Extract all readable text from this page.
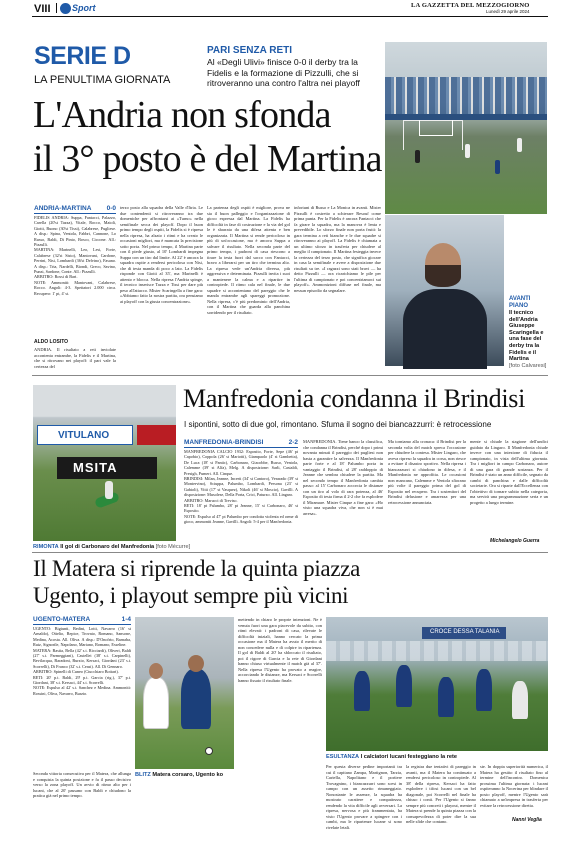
VIII Sport	LA GAZZETTA DEL MEZZOGIORNO
Lunedì 29 aprile 2024
SERIE D
LA PENULTIMA GIORNATA
PARI SENZA RETI
Al «Degli Ulivi» finisce 0-0 il derby tra la Fidelis e la formazione di Pizzulli, che si ritroveranno una contro l'altra nei playoff
L'Andria non sfonda
il 3° posto è del Martina
AVANTI PIANO
Il tecnico dell'Andria Giuseppe Scaringella e una fase del derby tra la Fidelis e il Martina
[foto Calvaresi]
ANDRIA-MARTINA 0-0
FIDELIS ANDRIA: Suppa, Fantacci, Palazzo, Carella (20'st Tazza), Vitale, Rocco, Maioli, Giotti, Buono (30'st Tissi), Calabrese, Pugliese. A disp.: Spina, Ventola, Fabbri, Cannone, Lo Russo, Baldi, Di Pinto, Bosco, Ciccone. All.: Pizzulli.
MARTINA: Marinelli, Leo, Lesi, Forte, Calabrese (32'st Sisto), Mantovani, Cardone, Perrini, Nisi, Lombardi (36'st Delvino), Fasano. A disp.: Tria, Nardelli, Biondi, Greco, Savino, Punzi, Sardone, Conte. All.: Pizzulli.
ARBITRO: Rossi di Bari.
NOTE: Ammoniti: Mantovani, Calabrese, Rocco. Angoli: 4-3. Spettatori 2.000 circa. Recupero: 1' pt, 4' st.
ALDO LOSITO
ANDRIA. Il risultato a reti inviolate accontenta entrambe, la Fidelis e il Martina, che si ritrovano nei playoff: il pari vale la certezza del
terzo posto alla squadra della Valle d'Itria. Le due contendenti si ritroveranno tra due domeniche per affrontarsi ai «Turno» nella semifinale secca dei playoff. Dopo il buon primo tempo degli ospiti, la Fidelis si è ripresa nella ripresa, ha alzato i ritmi e ha creato le occasioni migliori, ma è mancata la precisione sotto porta. Nel primo tempo, il Martina parte con il piede giusto, al 10' Lombardi impegna Suppa con un tiro dal limite. Al 22' è ancora la squadra ospite a rendersi pericolosa con Nisi, che di testa manda di poco a lato. La Fidelis risponde con Giotti al 35', ma Marinelli è attento e blocca. Nella ripresa l'Andria spinge, il tecnico inserisce Tazza e Tissi per dare più peso all'attacco. Mister Scaringella a fine gara: «Abbiamo fatto la nostra partita, ora pensiamo ai playoff con la giusta concentrazione».
La partenza degli ospiti è migliore, prova ne sia il buon palleggio e l'organizzazione di gioco espressa dal Martina. La Fidelis ha difficoltà in fase di costruzione e la via del gol le è sbarrata da una difesa attenta e ben organizzata. Il Martina si rende pericoloso in più di un'occasione, ma è ancora Suppa a salvare il risultato. Nella seconda parte del primo tempo, i padroni di casa riescono a tirare la testa fuori dal sacco con Fantacci, bravo a liberarsi per un tiro che termina alto. La ripresa vede un'Andria diversa, più aggressiva e determinata. Pizzulli invita i suoi a mantenere la calma e a ripartire in contropiede. Il ritmo cala nel finale, le due squadre si accontentano del pareggio che le manda entrambe agli spareggi promozione. Nella ripresa, c'è più predominio dell'Andria, con il Martina che guarda alla panchina sorridendo per il risultato.
infortuni di Russo e La Monica in avanti. Mister Pizzulli è costretto a schierare Resouf come prima punta. Per la Fidelis è ancora Fantacci che fa girare la squadra, ma la manovra è lenta e prevedibile. Lo sforzo finale non porta frutti: la gara termina a reti bianche e le due squadre si ritroveranno ai playoff. La Fidelis è chiamata a un ultimo sforzo in trasferta per chiudere al meglio il campionato. Il Martina festeggia invece la certezza del terzo posto, che significa giocare in casa la semifinale e avere a disposizione due risultati su tre. «I ragazzi sono stati bravi — ha detto Pizzulli — ora ricarichiamo le pile per l'ultima di campionato e poi concentriamoci sui playoff». Ammonizioni diffuse nel finale, ma nessun episodio da segnalare.
VITULANO
MSITA
RIMONTA Il gol di Carbonaro del Manfredonia [foto Mécurre]
Manfredonia condanna il Brindisi
I sipontini, sotto di due gol, rimontano. Sfuma il sogno dei biancazzurri: è retrocessione
MANFREDONIA-BRINDISI	2-2
MANFREDONIA CALCIO 1932: Esposito, Forte, Sepe (46' pt Capobio), Coppola (26' st Mariotti), Giampaolo (4' st Gambetta), De Luca (18' st Pantic), Carbonaro, Giacobbe, Russo, Ventola, Calemme (39' st Alfa), Melg. A disposizione: Sarli, Castaldi, Presigh, Pumeri. All. Cinque.
BRINDISI: Milan, Jeanne, Incerti (34' st Cantoro), Verarado (39' st Montervino), Sciuppa, Palumbo, Lombardi, Persona (23' st Gabioli), Vitti (17' st Vasquez), Nikoli (46' st Moscio), Gavillì. A disposizione: Musolese, Della Porta, Crici, Paturzo. All. Lingaro.
ARBITRO: Marucci di Treviso.
RETI: 18' pt Palumbo, 28' pt Jeanne, 15' st Carbonaro, 46' st Esposito.
NOTE: Espulso al 47' pt Palumbo per condotta violenta ed orme di gioco, ammoniti Jeanne, Gavillì. Angoli: 5-4 per il Manfredonia.
MANFREDONIA. Tiene banco la classifica, che condanna il Brindisi, perché dopo i primi novanta minuti il pareggio dei pugliesi non basta a garantire la salvezza. Il Manfredonia parte forte e al 18' Palumbo porta in vantaggio il Brindisi, al 28' raddoppio di Jeanne che sembra chiudere la partita. Ma nel secondo tempo il Manfredonia cambia passo: al 15' Carbonaro accorcia le distanze con un tiro al volo di rara potenza, al 46' Esposito di testa firma il 2-2 che fa esplodere il Miramare. Mister Cinque a fine gara: «Ho visto una squadra viva, che non si è mai arresa».
Ma torniamo alla cronaca: il Brindisi per la seconda volta del match spreca l'occasione per chiudere la contesa. Mister Lingaro, che aveva ripreso la squadra in corsa, non riesce a evitare il disastro sportivo. Nella ripresa i biancazzurri si chiudono in difesa, e il Manfredonia ne approfitta. Le occasioni non mancano, Calemme e Ventola sfiorano più volte il pareggio prima del gol di Esposito nel recupero. Tra i sostenitori del Brindisi delusione e amarezza per una retrocessione annunciata.
mente si chiude la stagione dell'undici guidato da Lingaro. Il Manfredonia chiude invece con una iniezione di fiducia il campionato, in vista dell'ultima giornata. Tra i migliori in campo Carbonaro, autore di una gara di grande sostanza. Per il Brindisi è stato un anno difficile, segnato da cambi di panchina e dalle difficoltà societarie. Ora si riparte dall'Eccellenza con l'obiettivo di tornare subito nella categoria, ma servirà una programmazione seria e un progetto a lungo termine.
Michelangelo Guerra
Il Matera si riprende la quinta piazza
Ugento, i playout sempre più vicini
UGENTO-MATERA	1-4
UGENTO: Bigiunti, Bedini, Lotti, Navarro (16' st Arnaldo), Ottelio, Repice, Trovato, Romano, Sansone, Medina, Acosta. All. Oliva. A disp.: D'Onofrio, Barnaba, Ruiz, Signorile, Napolano, Mariano, Romano, Esseline.
MATERA: Bastia, Bella (42' s.t. Ricciardi), Oliveri, Baldi (27' s.t. Parmeggiani), Castellei (38' s.t. Carpinelli), Bevilacqua, Baradoni, Burzio, Kersaci, Giordani (23' s.t. Scorrelli), Di Franco (32' s.t. Ceasi). All. Di Gennaro.
ARBITRO: Spinelli di Cuneo (Ciucchiaro Bottari).
RETI: 20' p.t. Baldi, 29' p.t. Garcia (rig.), 37' p.t. Giordani, 38' s.t. Kersaci, 44' s.t. Scorrelli.
NOTE: Espulso al 42' s.t. Sanchez e Medina. Ammoniti: Rossini, Oliva, Navarro, Burzio.
Seconda vittoria consecutiva per il Matera, che allunga e conquista la quinta posizione e fa il passo decisivo verso la zona playoff. Un avvio di ritmo alto per i lucani, che al 20' passano con Baldi e chiudono la pratica già nel primo tempo.
BLITZ Matera corsaro, Ugento ko
mettendo in chiaro le proprie intenzioni. Ne è venuta fuori una gara piacevole da subito, con ritmi elevati: i padroni di casa, rilevate le difficoltà iniziali, hanno cercato la prima occasione ma il Matera ha avuto il merito di non concedere nulla e di colpire in ripartenza. Il gol di Baldi al 20' ha sbloccato il risultato, poi il rigore di Garcia e la rete di Giordani hanno chiuso virtualmente il match già al 37'. Nella ripresa l'Ugento ha provato a reagire, accorciando le distanze, ma Kersaci e Scorrelli hanno fissato il risultato finale.
CROCE DESSA TALANIA
ESULTANZA I calciatori lucani festeggiano la rete
Per questa diverse pedine importanti tra cui il capitano Zampa, Martignon, Tarzia, Cariella, Napolitano e il portiere Trovagnino, i biancazzurri sono scesi in campo con un assetto rimaneggiato. Nonostante le assenze, la squadra ha mostrato carattere e compattezza, rendendo la vita difficile agli avversari. La ripresa, nervosa e più frammentata, ha visto l'Ugento provare a spingere con i cambi, ma le ripartenze lucane si sono rivelate letali.
la registra due tentativi di pareggio in avanti, ma il Matera ha continuato a rendersi pericoloso in contropiede. Al 38' della ripresa, Kersaci ha fatto esplodere i tifosi lucani con un bel diagonale, poi Scorrelli nel finale ha chiuso i conti. Per l'Ugento si fanno sempre più concreti i playout, mentre il Matera si prende la quinta piazza con la consapevolezza di poter dire la sua nelle sfide che contano.
ste. In doppia superiorità numerica, il Matera ha gestito il risultato fino al termine dell'incontro. Domenica prossima l'ultima giornata: i lucani ospiteranno la Nocerina per blindare il posto playoff, mentre l'Ugento sarà chiamato a un'impresa in trasferta per evitare la retrocessione diretta.
Nanni Veglia
